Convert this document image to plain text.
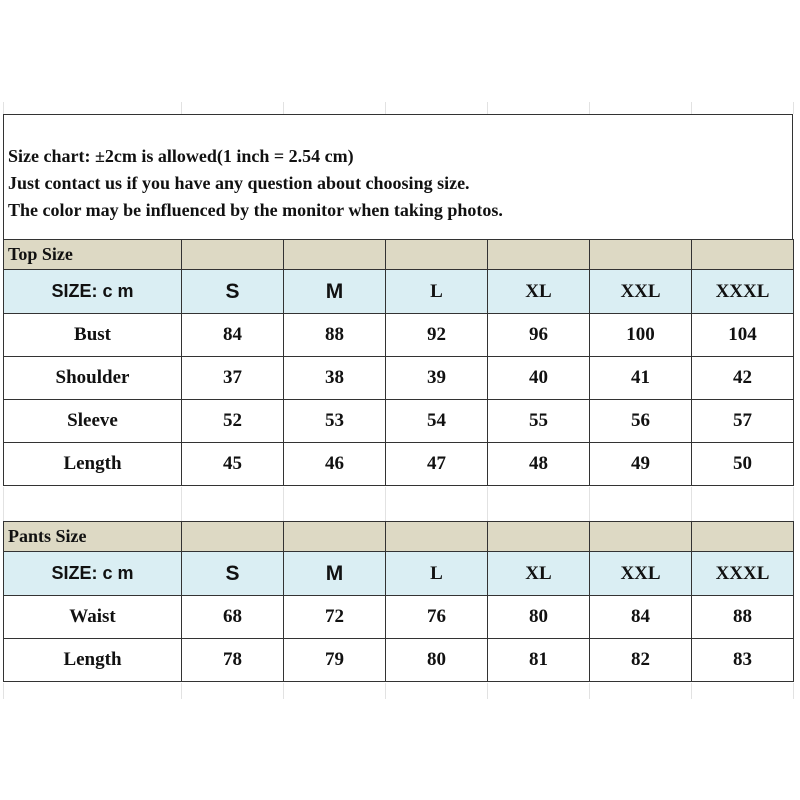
Size chart: ±2cm is allowed(1 inch = 2.54 cm)
Just contact us if you have any question about choosing size.
The color may be influenced by the monitor when taking photos.
Top Size						
SIZE: c m	S	M	L	XL	XXL	XXXL
Bust	84	88	92	96	100	104
Shoulder	37	38	39	40	41	42
Sleeve	52	53	54	55	56	57
Length	45	46	47	48	49	50
Pants Size						
SIZE: c m	S	M	L	XL	XXL	XXXL
Waist	68	72	76	80	84	88
Length	78	79	80	81	82	83
